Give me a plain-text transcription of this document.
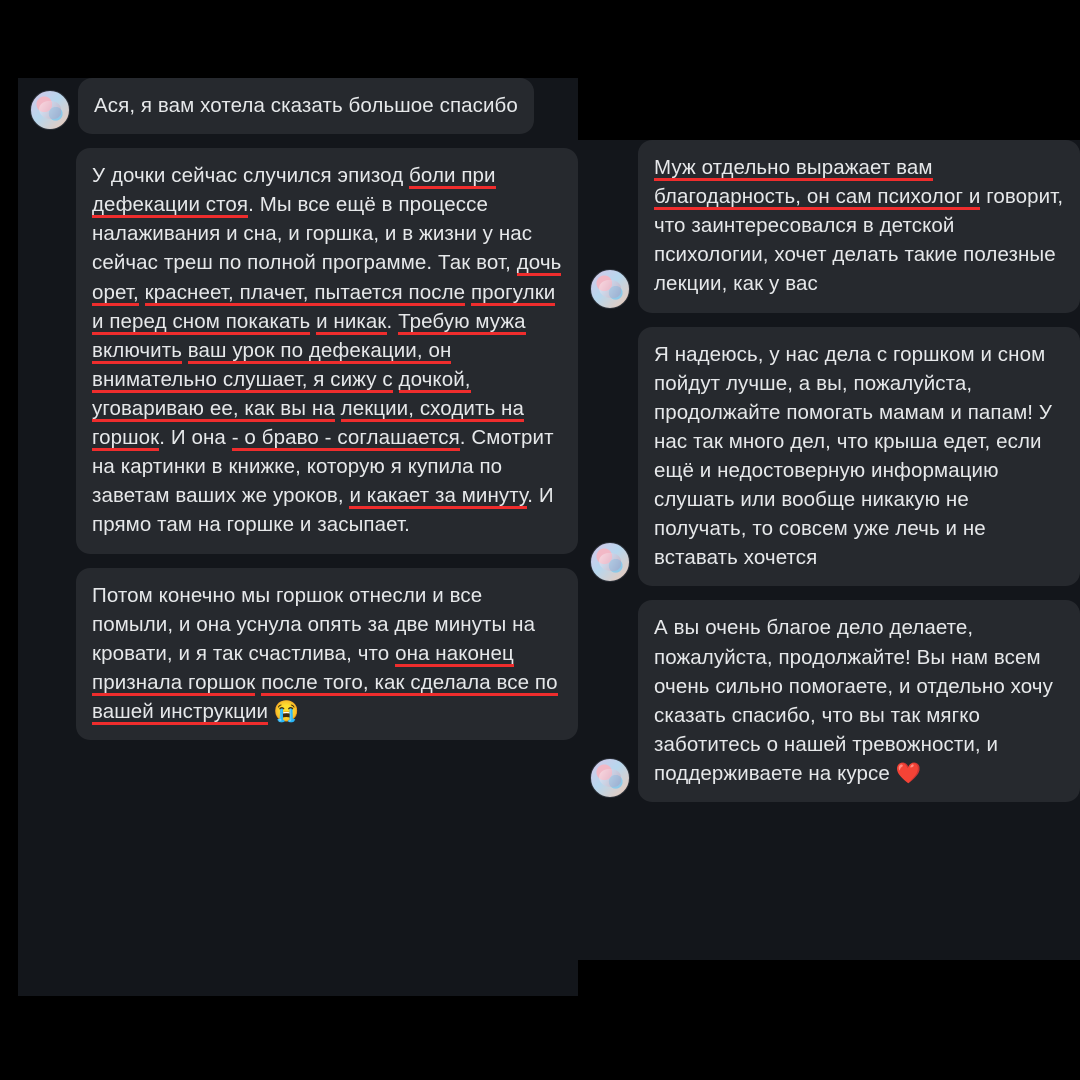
Ася, я вам хотела сказать большое спасибо
У дочки сейчас случился эпизод боли при дефекации стоя. Мы все ещё в процессе налаживания и сна, и горшка, и в жизни у нас сейчас треш по полной программе. Так вот, дочь орет, краснеет, плачет, пытается после прогулки и перед сном покакать и никак. Требую мужа включить ваш урок по дефекации, он внимательно слушает, я сижу с дочкой, уговариваю ее, как вы на лекции, сходить на горшок. И она - о браво - соглашается. Смотрит на картинки в книжке, которую я купила по заветам ваших же уроков, и какает за минуту. И прямо там на горшке и засыпает.
Потом конечно мы горшок отнесли и все помыли, и она уснула опять за две минуты на кровати, и я так счастлива, что она наконец признала горшок после того, как сделала все по вашей инструкции 😭
Муж отдельно выражает вам благодарность, он сам психолог и говорит, что заинтересовался в детской психологии, хочет делать такие полезные лекции, как у вас
Я надеюсь, у нас дела с горшком и сном пойдут лучше, а вы, пожалуйста, продолжайте помогать мамам и папам! У нас так много дел, что крыша едет, если ещё и недостоверную информацию слушать или вообще никакую не получать, то совсем уже лечь и не вставать хочется
А вы очень благое дело делаете, пожалуйста, продолжайте! Вы нам всем очень сильно помогаете, и отдельно хочу сказать спасибо, что вы так мягко заботитесь о нашей тревожности, и поддерживаете на курсе ❤️
